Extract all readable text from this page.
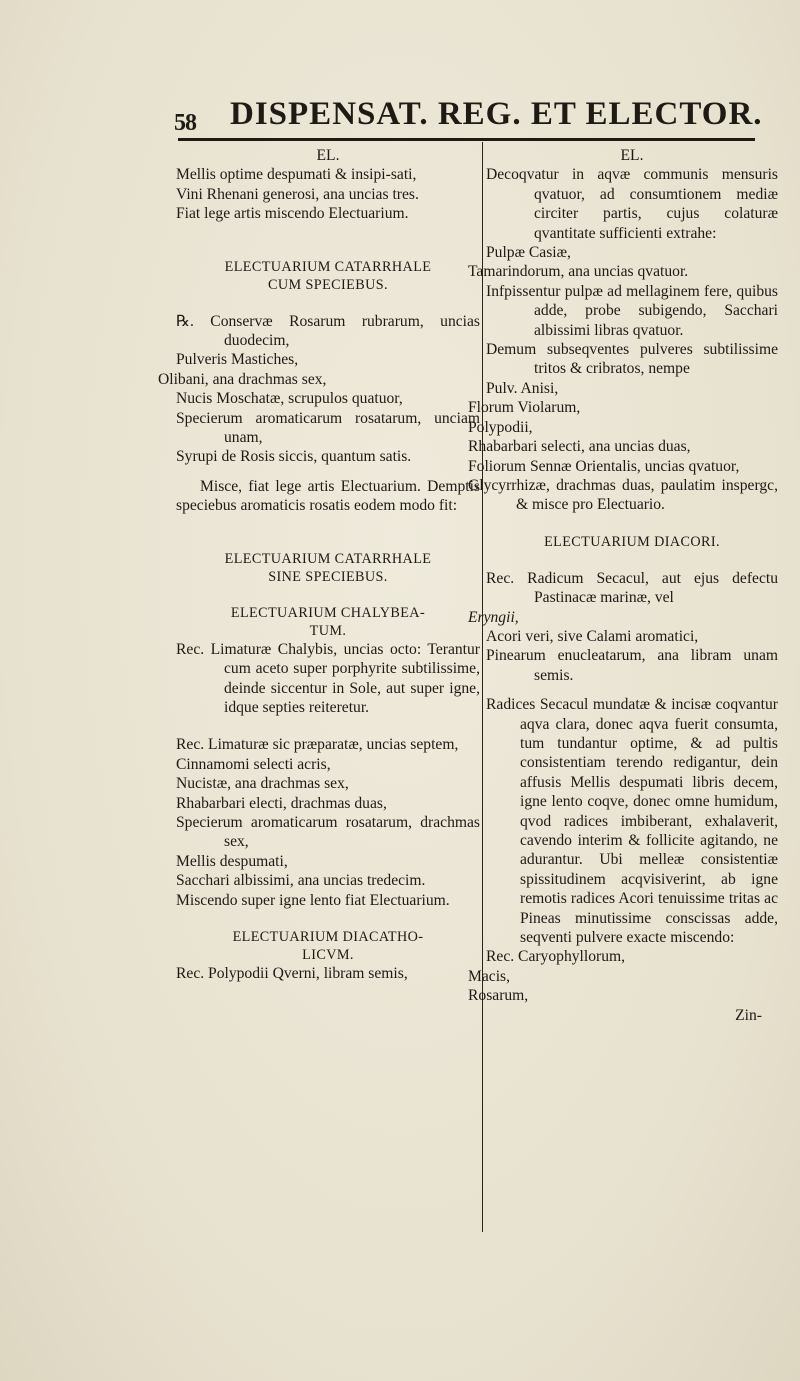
58 DISPENSAT. REG. ET ELECTOR.

EL.

Mellis optime despumati & insipi-sati,

Vini Rhenani generosi, ana uncias tres.

Fiat lege artis miscendo Electuarium.

ELECTUARIUM CATARRHALE

CUM SPECIEBUS.

℞. Conservæ Rosarum rubrarum, uncias duodecim,

Pulveris Mastiches,

Olibani, ana drachmas sex,

Nucis Moschatæ, scrupulos quatuor,

Specierum aromaticarum rosatarum, unciam unam,

Syrupi de Rosis siccis, quantum satis.

Misce, fiat lege artis Electuarium. Demptis speciebus aromaticis rosatis eodem modo fit:

ELECTUARIUM CATARRHALE

SINE SPECIEBUS.

ELECTUARIUM CHALYBEA-

TUM.

Rec. Limaturæ Chalybis, uncias octo: Terantur cum aceto super porphyrite subtilissime, deinde siccentur in Sole, aut super igne, idque septies reiteretur.

Rec. Limaturæ sic præparatæ, uncias septem,

Cinnamomi selecti acris,

Nucistæ, ana drachmas sex,

Rhabarbari electi, drachmas duas,

Specierum aromaticarum rosatarum, drachmas sex,

Mellis despumati,

Sacchari albissimi, ana uncias tredecim.

Miscendo super igne lento fiat Electuarium.

ELECTUARIUM DIACATHO-

LICVM.

Rec. Polypodii Qverni, libram semis,

EL.

Decoqvatur in aqvæ communis mensuris qvatuor, ad consumtionem mediæ circiter partis, cujus colaturæ qvantitate sufficienti extrahe:

Pulpæ Casiæ,

Tamarindorum, ana uncias qvatuor.

Infpissentur pulpæ ad mellaginem fere, quibus adde, probe subigendo, Sacchari albissimi libras qvatuor.

Demum subseqventes pulveres subtilissime tritos & cribratos, nempe

Pulv. Anisi,

Florum Violarum,

Polypodii,

Rhabarbari selecti, ana uncias duas,

Foliorum Sennæ Orientalis, uncias qvatuor,

Glycyrrhizæ, drachmas duas, paulatim inspergc, & misce pro Electuario.

ELECTUARIUM DIACORI.

Rec. Radicum Secacul, aut ejus defectu Pastinacæ marinæ, vel

Eryngii,

Acori veri, sive Calami aromatici,

Pinearum enucleatarum, ana libram unam semis.

Radices Secacul mundatæ & incisæ coqvantur aqva clara, donec aqva fuerit consumta, tum tundantur optime, & ad pultis consistentiam terendo redigantur, dein affusis Mellis despumati libris decem, igne lento coqve, donec omne humidum, qvod radices imbiberant, exhalaverit, cavendo interim & follicite agitando, ne adurantur. Ubi melleæ consistentiæ spissitudinem acqvisiverint, ab igne remotis radices Acori tenuissime tritas ac Pineas minutissime conscissas adde, seqventi pulvere exacte miscendo:

Rec. Caryophyllorum,

Macis,

Rosarum,

Zin-
